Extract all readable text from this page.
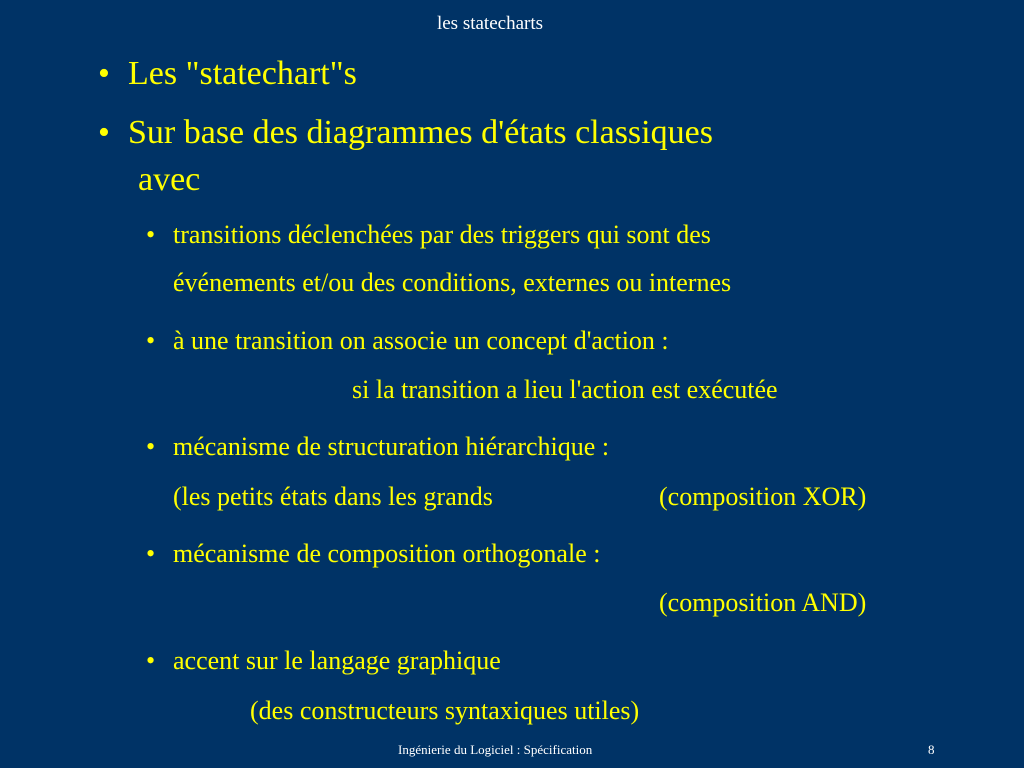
les statecharts
• Les "statechart"s
• Sur base des diagrammes d'états classiques
avec
• transitions déclenchées par des triggers qui sont des
événements et/ou des conditions, externes ou internes
• à une transition on associe un concept d'action :
si la transition a lieu l'action est exécutée
• mécanisme de structuration hiérarchique :
(les petits états dans les grands	(composition XOR)
• mécanisme de composition orthogonale :
(composition AND)
• accent sur le langage graphique
(des constructeurs syntaxiques utiles)
Ingénierie du Logiciel : Spécification	8
